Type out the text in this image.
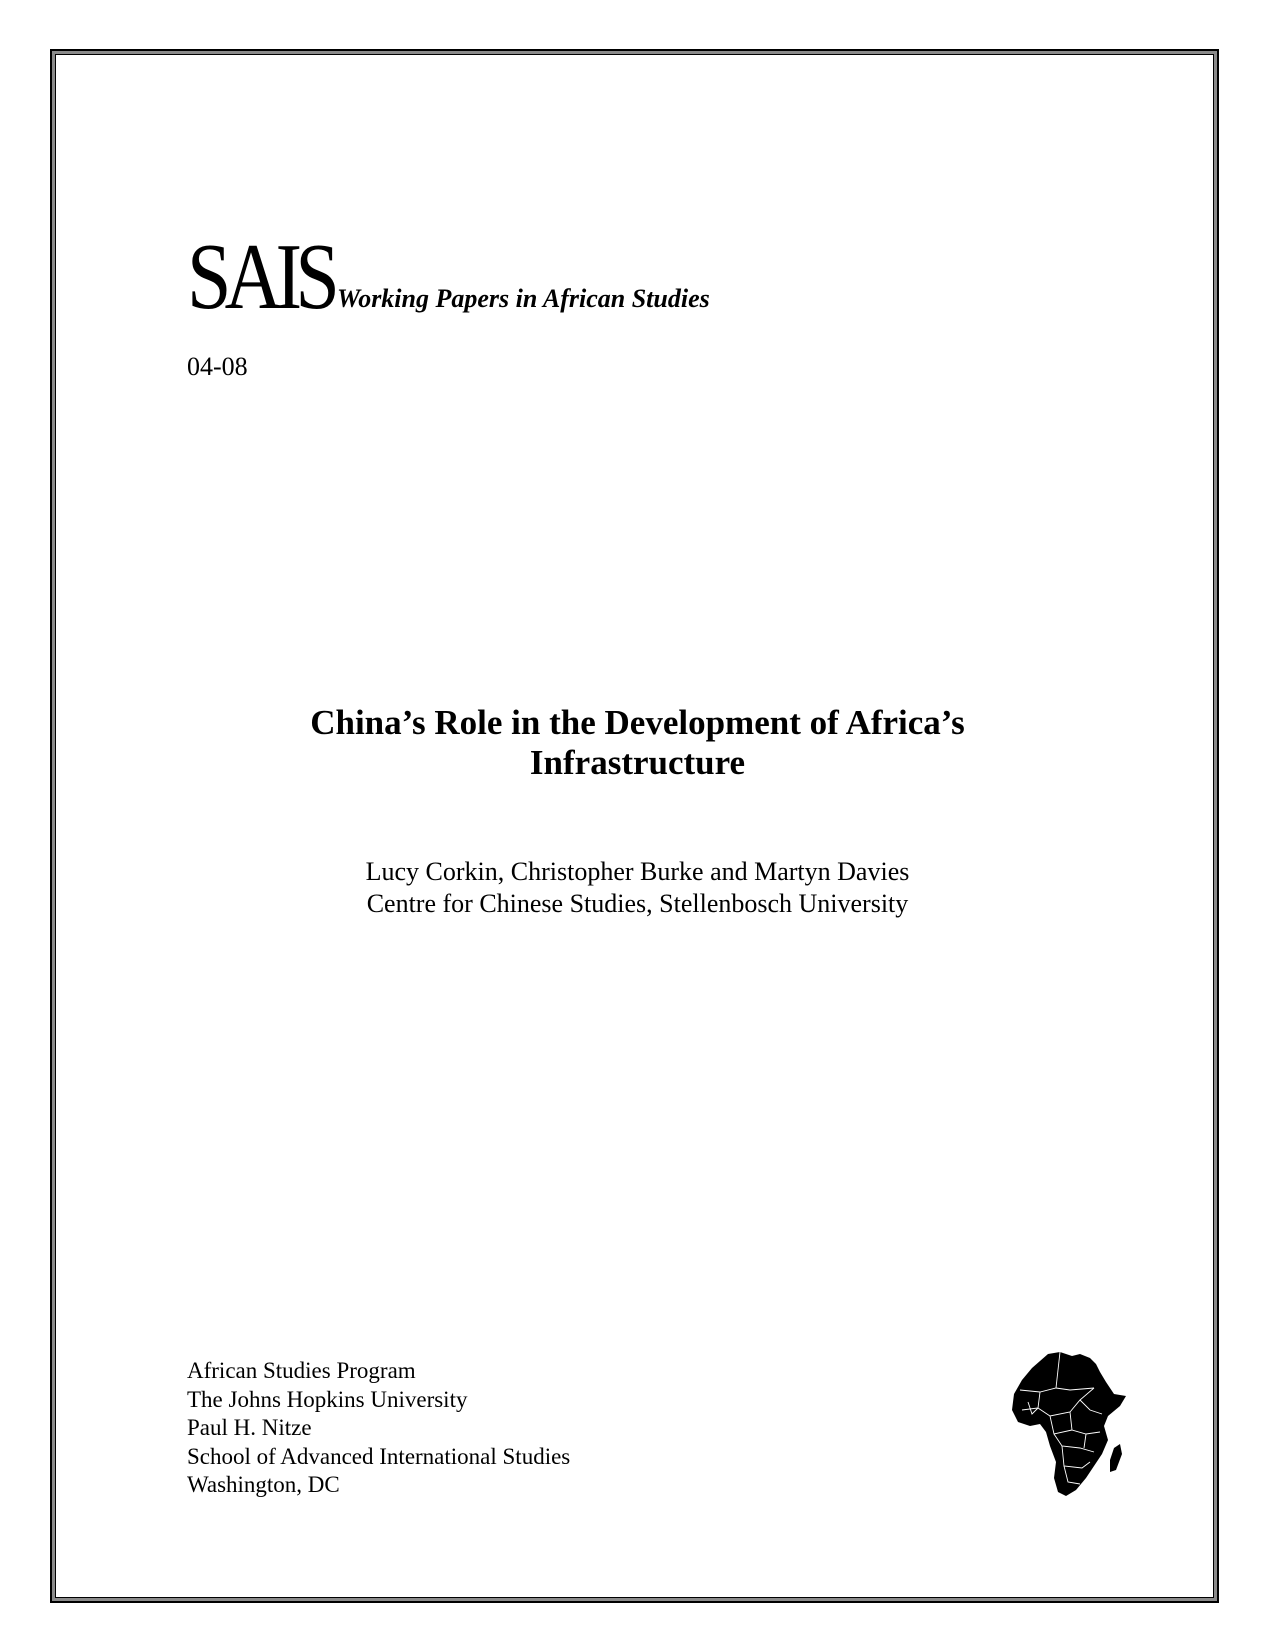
SAIS Working Papers in African Studies
04-08
China’s Role in the Development of Africa’s
Infrastructure
Lucy Corkin, Christopher Burke and Martyn Davies
Centre for Chinese Studies, Stellenbosch University
African Studies Program
The Johns Hopkins University
Paul H. Nitze
School of Advanced International Studies
Washington, DC
